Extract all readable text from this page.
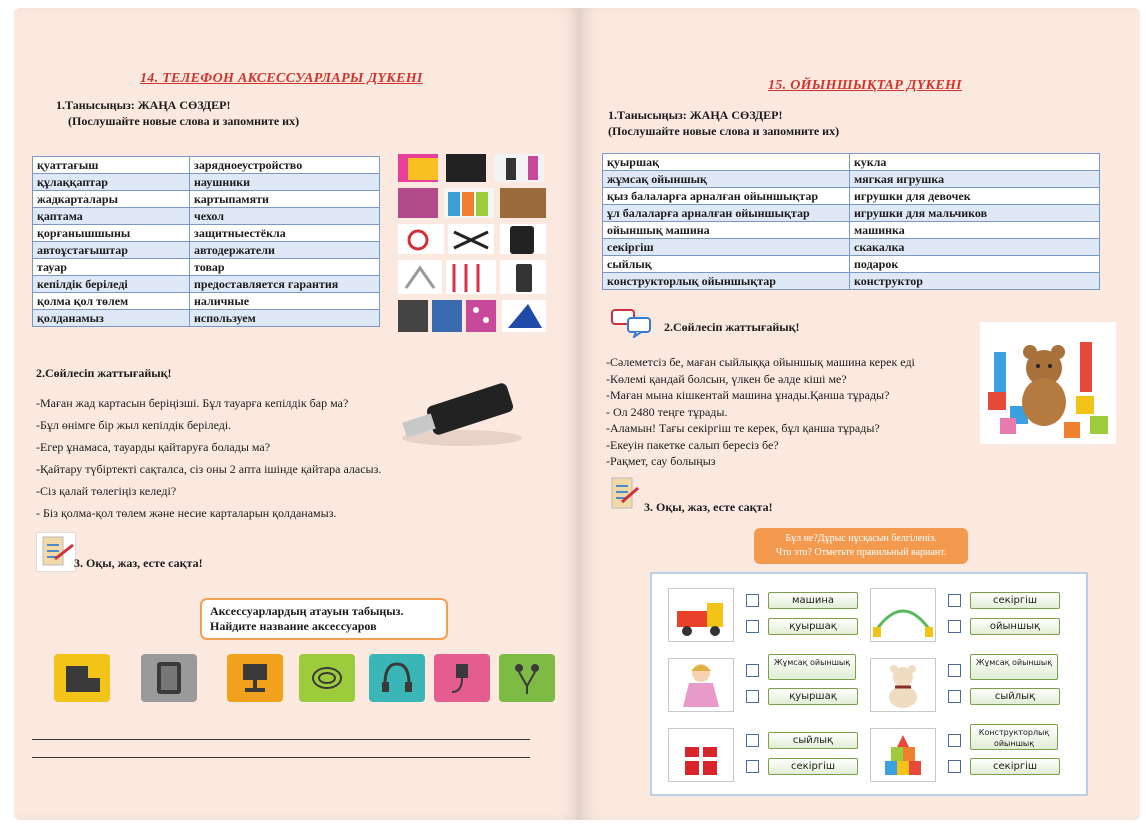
14. ТЕЛЕФОН АКСЕССУАРЛАРЫ ДҮКЕНІ
1.Танысыңыз: ЖАҢА СӨЗДЕР!
(Послушайте новые слова и запомните их)
қуаттағыш	зарядноеустройство
құлаққаптар	наушники
жадкарталары	картыпамяти
қаптама	чехол
қорғанышшыны	защитныестёкла
автоұстағыштар	автодержатели
тауар	товар
кепілдік беріледі	предоставляется гарантия
қолма қол төлем	наличные
қолданамыз	используем
2.Сөйлесіп жаттығайық!
-Маған жад картасын беріңізші. Бұл тауарға кепілдік бар ма?
-Бұл өнімге бір жыл кепілдік беріледі.
-Егер ұнамаса, тауарды қайтаруға болады ма?
-Қайтару түбіртекті сақталса, сіз оны 2 апта ішінде қайтара аласыз.
-Сіз қалай төлегіңіз келеді?
- Біз қолма-қол төлем және несие карталарын қолданамыз.
3. Оқы, жаз, есте сақта!
Аксессуарлардың атауын табыңыз.
Найдите название аксессуаров
15. ОЙЫНШЫҚТАР ДҮКЕНІ
1.Танысыңыз: ЖАҢА СӨЗДЕР!
(Послушайте новые слова и запомните их)
қуыршақ	кукла
жұмсақ ойыншық	мягкая игрушка
қыз балаларға арналған ойыншықтар	игрушки для девочек
ұл балаларға арналған ойыншықтар	игрушки для мальчиков
ойыншық машина	машинка
секіргіш	скакалка
сыйлық	подарок
конструкторлық ойыншықтар	конструктор
2.Сөйлесіп жаттығайық!
-Сәлеметсіз бе, маған сыйлыққа ойыншық машина керек еді
-Көлемі қандай болсын, үлкен бе әлде кіші ме?
-Маған мына кішкентай машина ұнады.Қанша тұрады?
- Ол 2480 теңге тұрады.
-Аламын! Тағы секіргіш те керек, бұл қанша тұрады?
-Екеуін пакетке салып бересіз бе?
-Рақмет, сау болыңыз
3. Оқы, жаз, есте сақта!
Бұл не?Дұрыс нұсқасын белгіленіз.
Что это? Отметьте правильный вариант.
машина
қуыршақ
секіргіш
ойыншық
Жұмсақ ойыншық
қуыршақ
Жұмсақ ойыншық
сыйлық
сыйлық
секіргіш
Конструкторлық ойыншық
секіргіш
